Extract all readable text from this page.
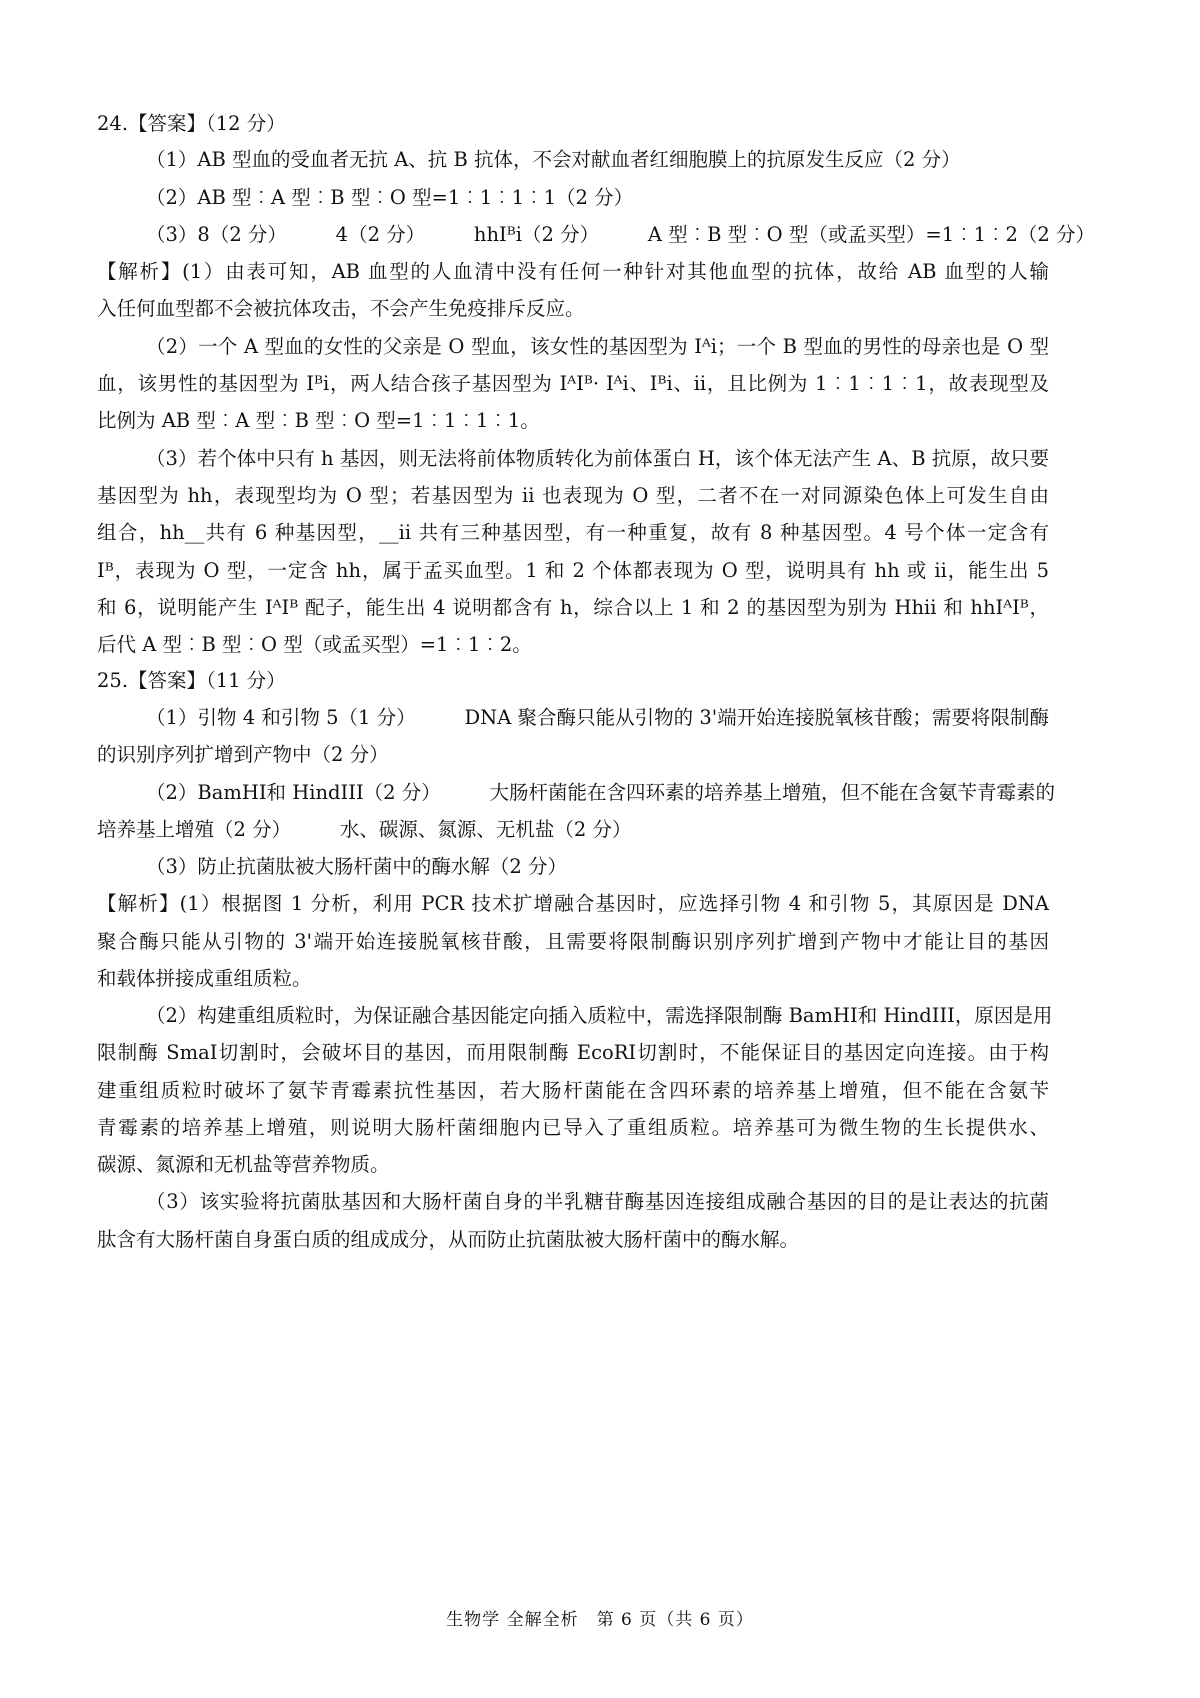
24.【答案】（12 分）

（1）AB 型血的受血者无抗 A、抗 B 抗体，不会对献血者红细胞膜上的抗原发生反应（2 分）

（2）AB 型︰A 型︰B 型︰O 型=1︰1︰1︰1（2 分）

（3）8（2 分）　　　4（2 分）　　　hhIᴮi（2 分）　　　A 型︰B 型︰O 型（或孟买型）=1︰1︰2（2 分）

【解析】(1）由表可知，AB 血型的人血清中没有任何一种针对其他血型的抗体，故给 AB 血型的人输

入任何血型都不会被抗体攻击，不会产生免疫排斥反应。

（2）一个 A 型血的女性的父亲是 O 型血，该女性的基因型为 Iᴬi；一个 B 型血的男性的母亲也是 O 型

血，该男性的基因型为 Iᴮi，两人结合孩子基因型为 IᴬIᴮ· Iᴬi、Iᴮi、ii，且比例为 1︰1︰1︰1，故表现型及

比例为 AB 型︰A 型︰B 型︰O 型=1︰1︰1︰1。

（3）若个体中只有 h 基因，则无法将前体物质转化为前体蛋白 H，该个体无法产生 A、B 抗原，故只要

基因型为 hh，表现型均为 O 型；若基因型为 ii 也表现为 O 型，二者不在一对同源染色体上可发生自由

组合，hh__共有 6 种基因型，__ii 共有三种基因型，有一种重复，故有 8 种基因型。4 号个体一定含有

Iᴮ，表现为 O 型，一定含 hh，属于孟买血型。1 和 2 个体都表现为 O 型，说明具有 hh 或 ii，能生出 5

和 6，说明能产生 IᴬIᴮ 配子，能生出 4 说明都含有 h，综合以上 1 和 2 的基因型为别为 Hhii 和 hhIᴬIᴮ，

后代 A 型︰B 型︰O 型（或孟买型）=1︰1︰2。

25.【答案】（11 分）

（1）引物 4 和引物 5（1 分）　　　DNA 聚合酶只能从引物的 3'端开始连接脱氧核苷酸；需要将限制酶

的识别序列扩增到产物中（2 分）

（2）BamHI和 HindIII（2 分）　　　大肠杆菌能在含四环素的培养基上增殖，但不能在含氨苄青霉素的

培养基上增殖（2 分）　　　水、碳源、氮源、无机盐（2 分）

（3）防止抗菌肽被大肠杆菌中的酶水解（2 分）

【解析】(1）根据图 1 分析，利用 PCR 技术扩增融合基因时，应选择引物 4 和引物 5，其原因是 DNA

聚合酶只能从引物的 3'端开始连接脱氧核苷酸，且需要将限制酶识别序列扩增到产物中才能让目的基因

和载体拼接成重组质粒。

（2）构建重组质粒时，为保证融合基因能定向插入质粒中，需选择限制酶 BamHI和 HindIII，原因是用

限制酶 SmaI切割时，会破坏目的基因，而用限制酶 EcoRI切割时，不能保证目的基因定向连接。由于构

建重组质粒时破坏了氨苄青霉素抗性基因，若大肠杆菌能在含四环素的培养基上增殖，但不能在含氨苄

青霉素的培养基上增殖，则说明大肠杆菌细胞内已导入了重组质粒。培养基可为微生物的生长提供水、

碳源、氮源和无机盐等营养物质。

（3）该实验将抗菌肽基因和大肠杆菌自身的半乳糖苷酶基因连接组成融合基因的目的是让表达的抗菌

肽含有大肠杆菌自身蛋白质的组成成分，从而防止抗菌肽被大肠杆菌中的酶水解。

生物学 全解全析　第 6 页（共 6 页）
